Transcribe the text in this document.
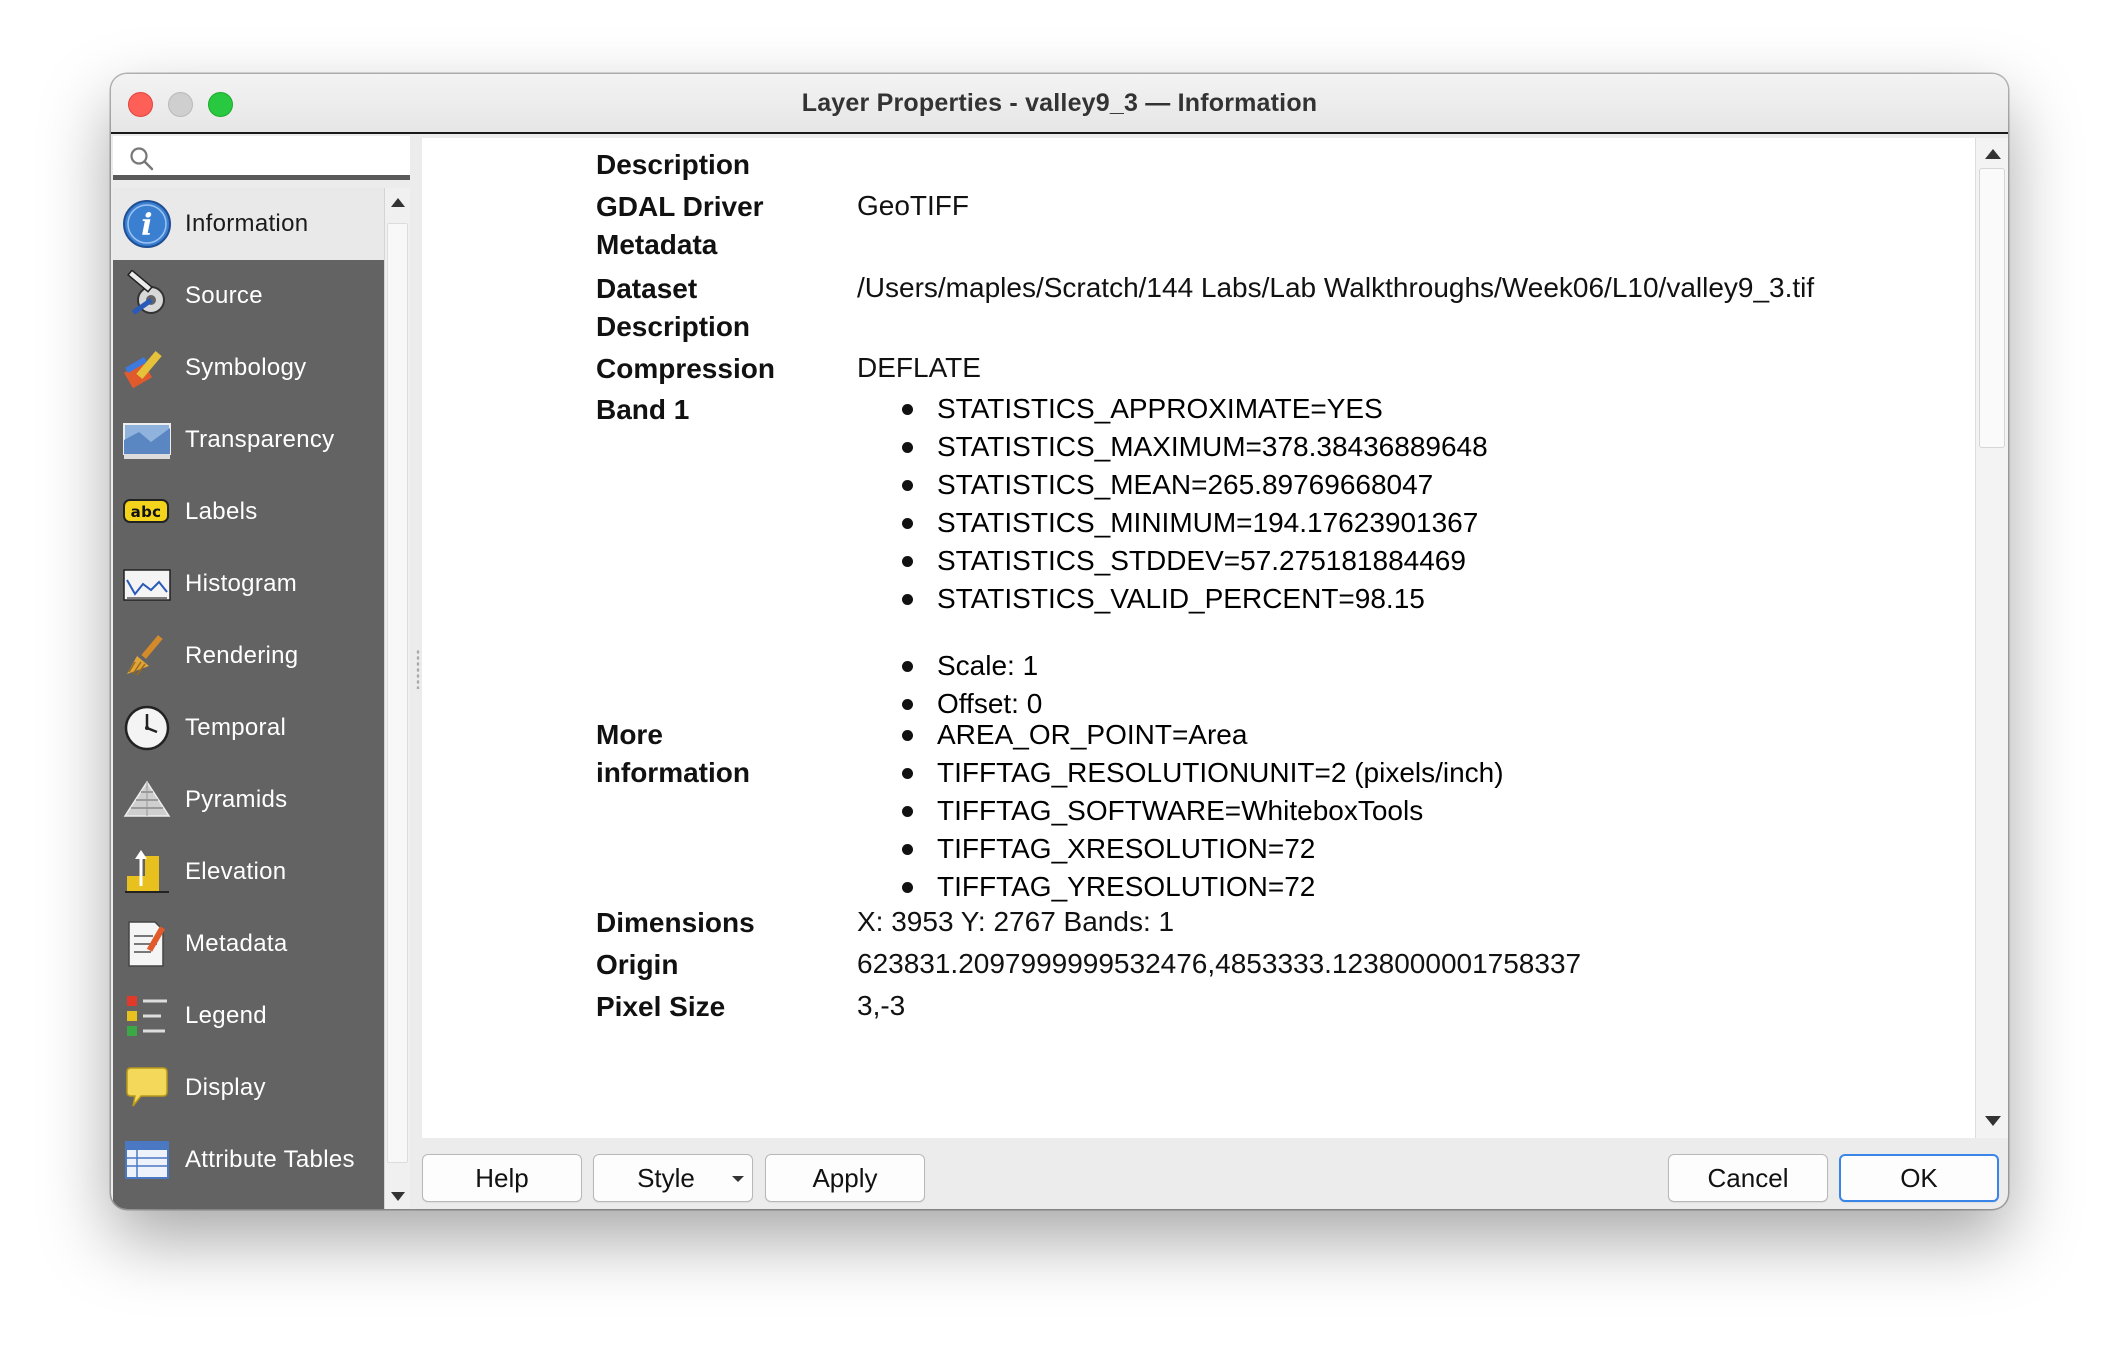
Layer Properties - valley9_3 — Information
i Information
Source
Symbology
Transparency
abc Labels
Histogram
Rendering
Temporal
Pyramids
Elevation
Metadata
Legend
Display
Attribute Tables
Description
GDAL Driver	GeoTIFF
Metadata
Dataset	/Users/maples/Scratch/144 Labs/Lab Walkthroughs/Week06/L10/valley9_3.tif
Description
Compression	DEFLATE
Band 1	STATISTICS_APPROXIMATE=YES
STATISTICS_MAXIMUM=378.38436889648
STATISTICS_MEAN=265.89769668047
STATISTICS_MINIMUM=194.17623901367
STATISTICS_STDDEV=57.275181884469
STATISTICS_VALID_PERCENT=98.15
Scale: 1
Offset: 0
More
information
AREA_OR_POINT=Area
TIFFTAG_RESOLUTIONUNIT=2 (pixels/inch)
TIFFTAG_SOFTWARE=WhiteboxTools
TIFFTAG_XRESOLUTION=72
TIFFTAG_YRESOLUTION=72
Dimensions	X: 3953 Y: 2767 Bands: 1
Origin	623831.2097999999532476,4853333.1238000001758337
Pixel Size	3,-3
Help	Style	Apply	Cancel	OK
